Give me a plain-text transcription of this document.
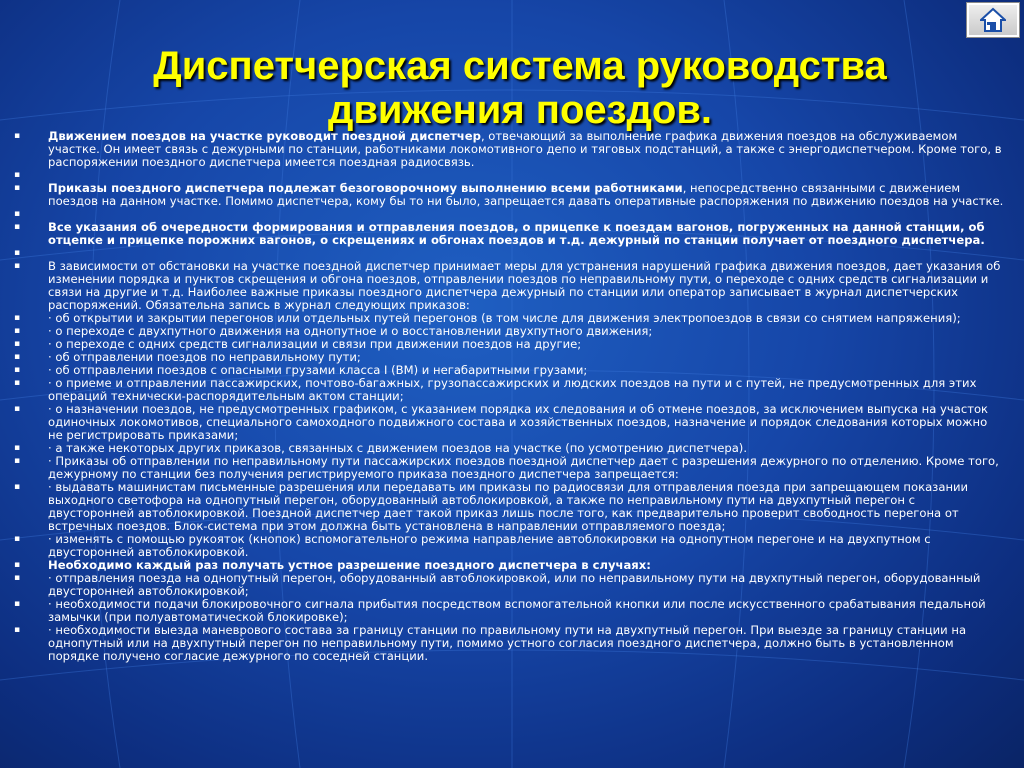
Диспетчерская система руководства
движения поездов.
▪	Движением поездов на участке руководит поездной диспетчер, отвечающий за выполнение графика движения поездов на обслуживаемом участке. Он имеет связь с дежурными по станции, работниками локомотивного депо и тяговых подстанций, а также с энергодиспетчером. Кроме того, в распоряжении поездного диспетчера имеется поездная радиосвязь.
▪

▪	Приказы поездного диспетчера подлежат безоговорочному выполнению всеми работниками, непосредственно связанными с движением поездов на данном участке. Помимо диспетчера, кому бы то ни было, запрещается давать оперативные распоряжения по движению поездов на участке.
▪

▪	Все указания об очередности формирования и отправления поездов, о прицепке к поездам вагонов, погруженных на данной станции, об отцепке и прицепке порожних вагонов, о скрещениях и обгонах поездов и т.д. дежурный по станции получает от поездного диспетчера.
▪

▪	В зависимости от обстановки на участке поездной диспетчер принимает меры для устранения нарушений графика движения поездов, дает указания об изменении порядка и пунктов скрещения и обгона поездов, отправлении поездов по неправильному пути, о переходе с одних средств сигнализации и связи на другие и т.д. Наиболее важные приказы поездного диспетчера дежурный по станции или оператор записывает в журнал диспетчерских распоряжений. Обязательна запись в журнал следующих приказов:
▪	· об открытии и закрытии перегонов или отдельных путей перегонов (в том числе для движения электропоездов в связи со снятием напряжения);
▪	· о переходе с двухпутного движения на однопутное и о восстановлении двухпутного движения;
▪	· о переходе с одних средств сигнализации и связи при движении поездов на другие;
▪	· об отправлении поездов по неправильному пути;
▪	· об отправлении поездов с опасными грузами класса I (ВМ) и негабаритными грузами;
▪	· о приеме и отправлении пассажирских, почтово-багажных, грузопассажирских и людских поездов на пути и с путей, не предусмотренных для этих операций технически-распорядительным актом станции;
▪	· о назначении поездов, не предусмотренных графиком, с указанием порядка их следования и об отмене поездов, за исключением выпуска на участок одиночных локомотивов, специального самоходного подвижного состава и хозяйственных поездов, назначение и порядок следования которых можно не регистрировать приказами;
▪	· а также некоторых других приказов, связанных с движением поездов на участке (по усмотрению диспетчера).
▪	· Приказы об отправлении по неправильному пути пассажирских поездов поездной диспетчер дает с разрешения дежурного по отделению. Кроме того, дежурному по станции без получения регистрируемого приказа поездного диспетчера запрещается:
▪	· выдавать машинистам письменные разрешения или передавать им приказы по радиосвязи для отправления поезда при запрещающем показании выходного светофора на однопутный перегон, оборудованный автоблокировкой, а также по неправильному пути на двухпутный перегон с двусторонней автоблокировкой. Поездной диспетчер дает такой приказ лишь после того, как предварительно проверит свободность перегона от встречных поездов. Блок-система при этом должна быть установлена в направлении отправляемого поезда;
▪	· изменять с помощью рукояток (кнопок) вспомогательного режима направление автоблокировки на однопутном перегоне и на двухпутном с двусторонней автоблокировкой.
▪	Необходимо каждый раз получать устное разрешение поездного диспетчера в случаях:
▪	· отправления поезда на однопутный перегон, оборудованный автоблокировкой, или по неправильному пути на двухпутный перегон, оборудованный двусторонней автоблокировкой;
▪	· необходимости подачи блокировочного сигнала прибытия посредством вспомогательной кнопки или после искусственного срабатывания педальной замычки (при полуавтоматической блокировке);
▪	· необходимости выезда маневрового состава за границу станции по правильному пути на двухпутный перегон. При выезде за границу станции на однопутный или на двухпутный перегон по неправильному пути, помимо устного согласия поездного диспетчера, должно быть в установленном порядке получено согласие дежурного по соседней станции.
